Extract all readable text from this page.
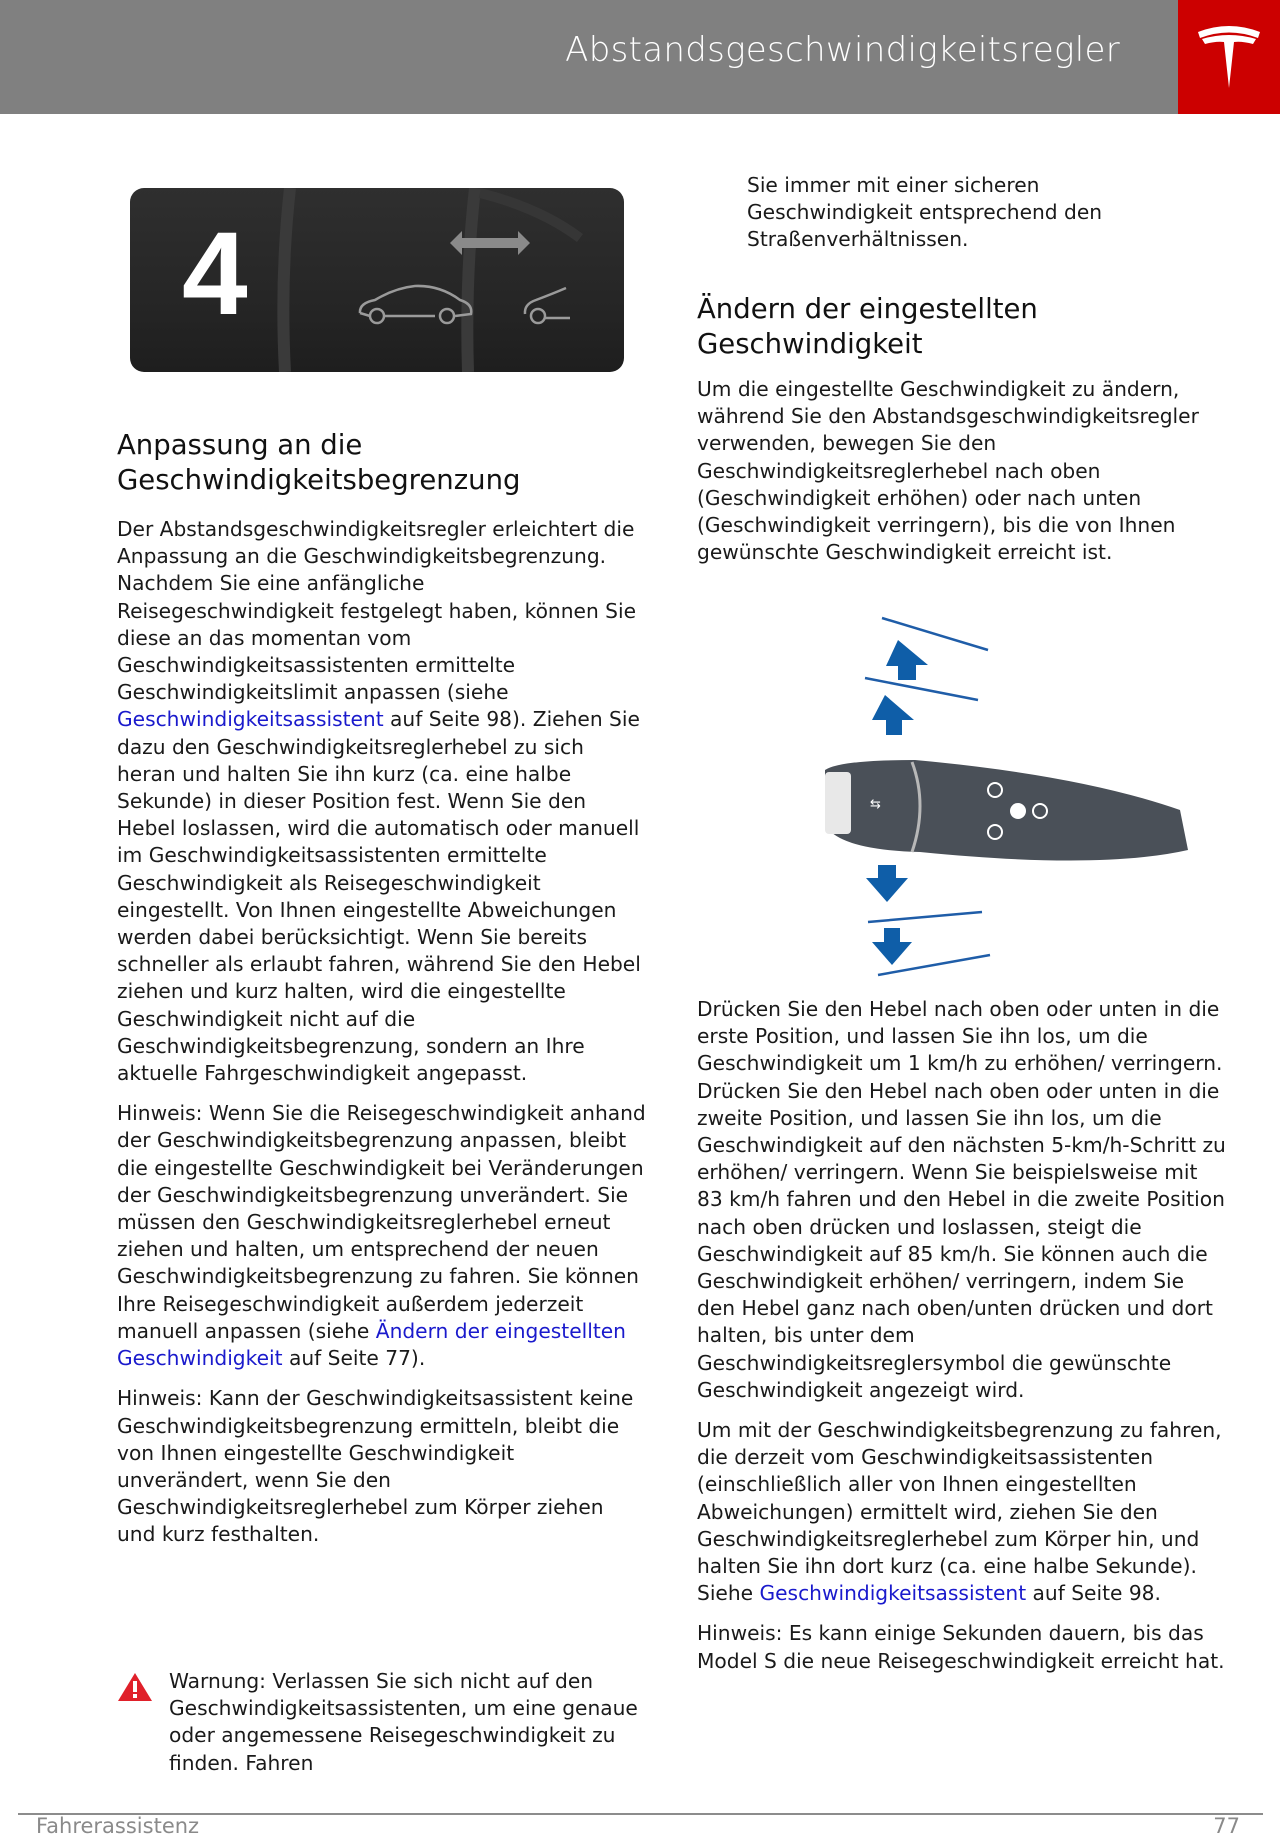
Abstandsgeschwindigkeitsregler
4
Anpassung an die Geschwindigkeitsbegrenzung

Der Abstandsgeschwindigkeitsregler erleichtert die Anpassung an die Geschwindigkeitsbegrenzung. Nachdem Sie eine anfängliche Reisegeschwindigkeit festgelegt haben, können Sie diese an das momentan vom Geschwindigkeitsassistenten ermittelte Geschwindigkeitslimit anpassen (siehe Geschwindigkeitsassistent auf Seite 98). Ziehen Sie dazu den Geschwindigkeitsreglerhebel zu sich heran und halten Sie ihn kurz (ca. eine halbe Sekunde) in dieser Position fest. Wenn Sie den Hebel loslassen, wird die automatisch oder manuell im Geschwindigkeitsassistenten ermittelte Geschwindigkeit als Reisegeschwindigkeit eingestellt. Von Ihnen eingestellte Abweichungen werden dabei berücksichtigt. Wenn Sie bereits schneller als erlaubt fahren, während Sie den Hebel ziehen und kurz halten, wird die eingestellte Geschwindigkeit nicht auf die Geschwindigkeitsbegrenzung, sondern an Ihre aktuelle Fahrgeschwindigkeit angepasst.

Hinweis: Wenn Sie die Reisegeschwindigkeit anhand der Geschwindigkeitsbegrenzung anpassen, bleibt die eingestellte Geschwindigkeit bei Veränderungen der Geschwindigkeitsbegrenzung unverändert. Sie müssen den Geschwindigkeitsreglerhebel erneut ziehen und halten, um entsprechend der neuen Geschwindigkeitsbegrenzung zu fahren. Sie können Ihre Reisegeschwindigkeit außerdem jederzeit manuell anpassen (siehe Ändern der eingestellten Geschwindigkeit auf Seite 77).

Hinweis: Kann der Geschwindigkeitsassistent keine Geschwindigkeitsbegrenzung ermitteln, bleibt die von Ihnen eingestellte Geschwindigkeit unverändert, wenn Sie den Geschwindigkeitsreglerhebel zum Körper ziehen und kurz festhalten.

Warnung: Verlassen Sie sich nicht auf den Geschwindigkeitsassistenten, um eine genaue oder angemessene Reisegeschwindigkeit zu finden. Fahren

Sie immer mit einer sicheren Geschwindigkeit entsprechend den Straßenverhältnissen.

Ändern der eingestellten Geschwindigkeit

Um die eingestellte Geschwindigkeit zu ändern, während Sie den Abstandsgeschwindigkeitsregler verwenden, bewegen Sie den Geschwindigkeitsreglerhebel nach oben (Geschwindigkeit erhöhen) oder nach unten (Geschwindigkeit verringern), bis die von Ihnen gewünschte Geschwindigkeit erreicht ist.

⇆

Drücken Sie den Hebel nach oben oder unten in die erste Position, und lassen Sie ihn los, um die Geschwindigkeit um 1 km/h zu erhöhen/ verringern. Drücken Sie den Hebel nach oben oder unten in die zweite Position, und lassen Sie ihn los, um die Geschwindigkeit auf den nächsten 5-km/h-Schritt zu erhöhen/ verringern. Wenn Sie beispielsweise mit 83 km/h fahren und den Hebel in die zweite Position nach oben drücken und loslassen, steigt die Geschwindigkeit auf 85 km/h. Sie können auch die Geschwindigkeit erhöhen/ verringern, indem Sie den Hebel ganz nach oben/unten drücken und dort halten, bis unter dem Geschwindigkeitsreglersymbol die gewünschte Geschwindigkeit angezeigt wird.

Um mit der Geschwindigkeitsbegrenzung zu fahren, die derzeit vom Geschwindigkeitsassistenten (einschließlich aller von Ihnen eingestellten Abweichungen) ermittelt wird, ziehen Sie den Geschwindigkeitsreglerhebel zum Körper hin, und halten Sie ihn dort kurz (ca. eine halbe Sekunde). Siehe Geschwindigkeitsassistent auf Seite 98.

Hinweis: Es kann einige Sekunden dauern, bis das Model S die neue Reisegeschwindigkeit erreicht hat.

Fahrerassistenz	77
